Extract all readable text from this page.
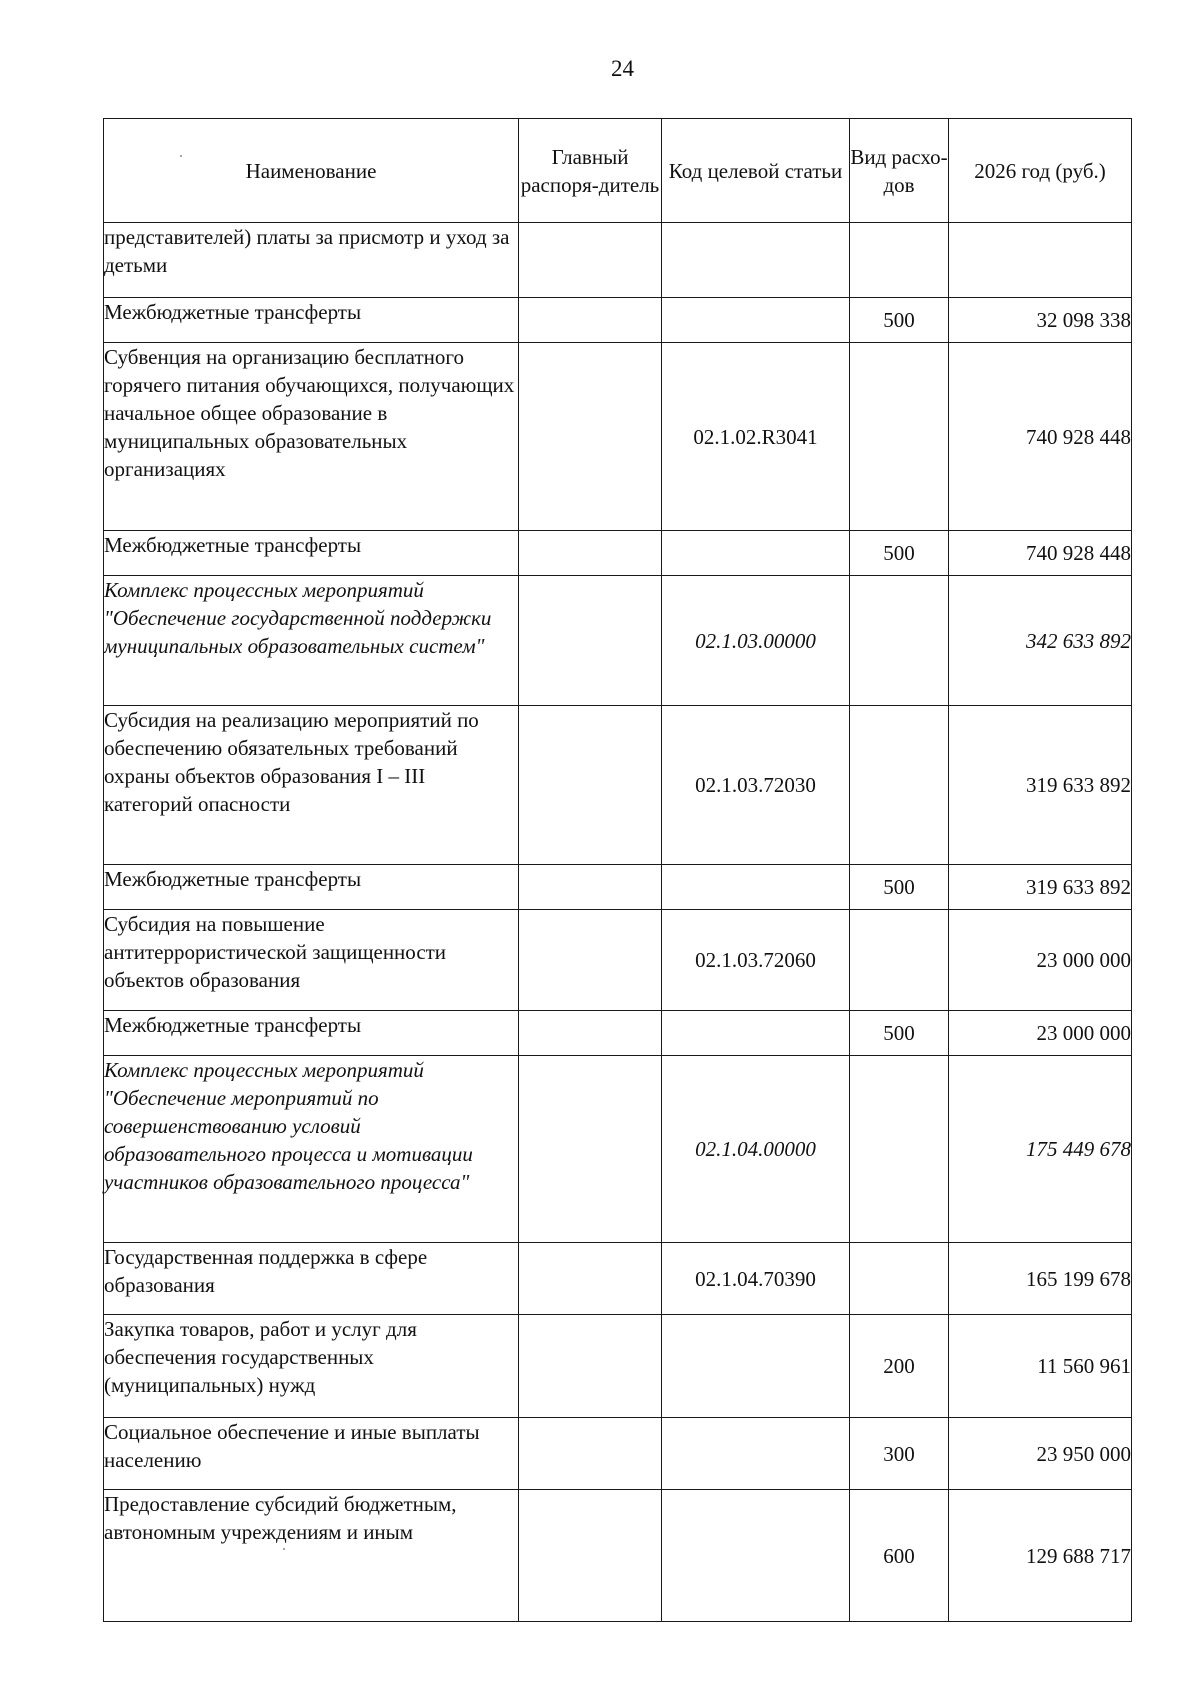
24
Наименование	Главный распоря-дитель	Код целевой статьи	Вид расхо-дов	2026 год (руб.)
представителей) платы за присмотр и уход за детьми				
Межбюджетные трансферты			500	32 098 338
Субвенция на организацию бесплатного горячего питания обучающихся, получающих начальное общее образование в муниципальных образовательных организациях		02.1.02.R3041		740 928 448
Межбюджетные трансферты			500	740 928 448
Комплекс процессных мероприятий "Обеспечение государственной поддержки муниципальных образовательных систем"		02.1.03.00000		342 633 892
Субсидия на реализацию мероприятий по обеспечению обязательных требований охраны объектов образования I – III категорий опасности		02.1.03.72030		319 633 892
Межбюджетные трансферты			500	319 633 892
Субсидия на повышение антитеррористической защищенности объектов образования		02.1.03.72060		23 000 000
Межбюджетные трансферты			500	23 000 000
Комплекс процессных мероприятий "Обеспечение мероприятий по совершенствованию условий образовательного процесса и мотивации участников образовательного процесса"		02.1.04.00000		175 449 678
Государственная поддержка в сфере образования		02.1.04.70390		165 199 678
Закупка товаров, работ и услуг для обеспечения государственных (муниципальных) нужд			200	11 560 961
Социальное обеспечение и иные выплаты населению			300	23 950 000
Предоставление субсидий бюджетным, автономным учреждениям и иным			600	129 688 717
